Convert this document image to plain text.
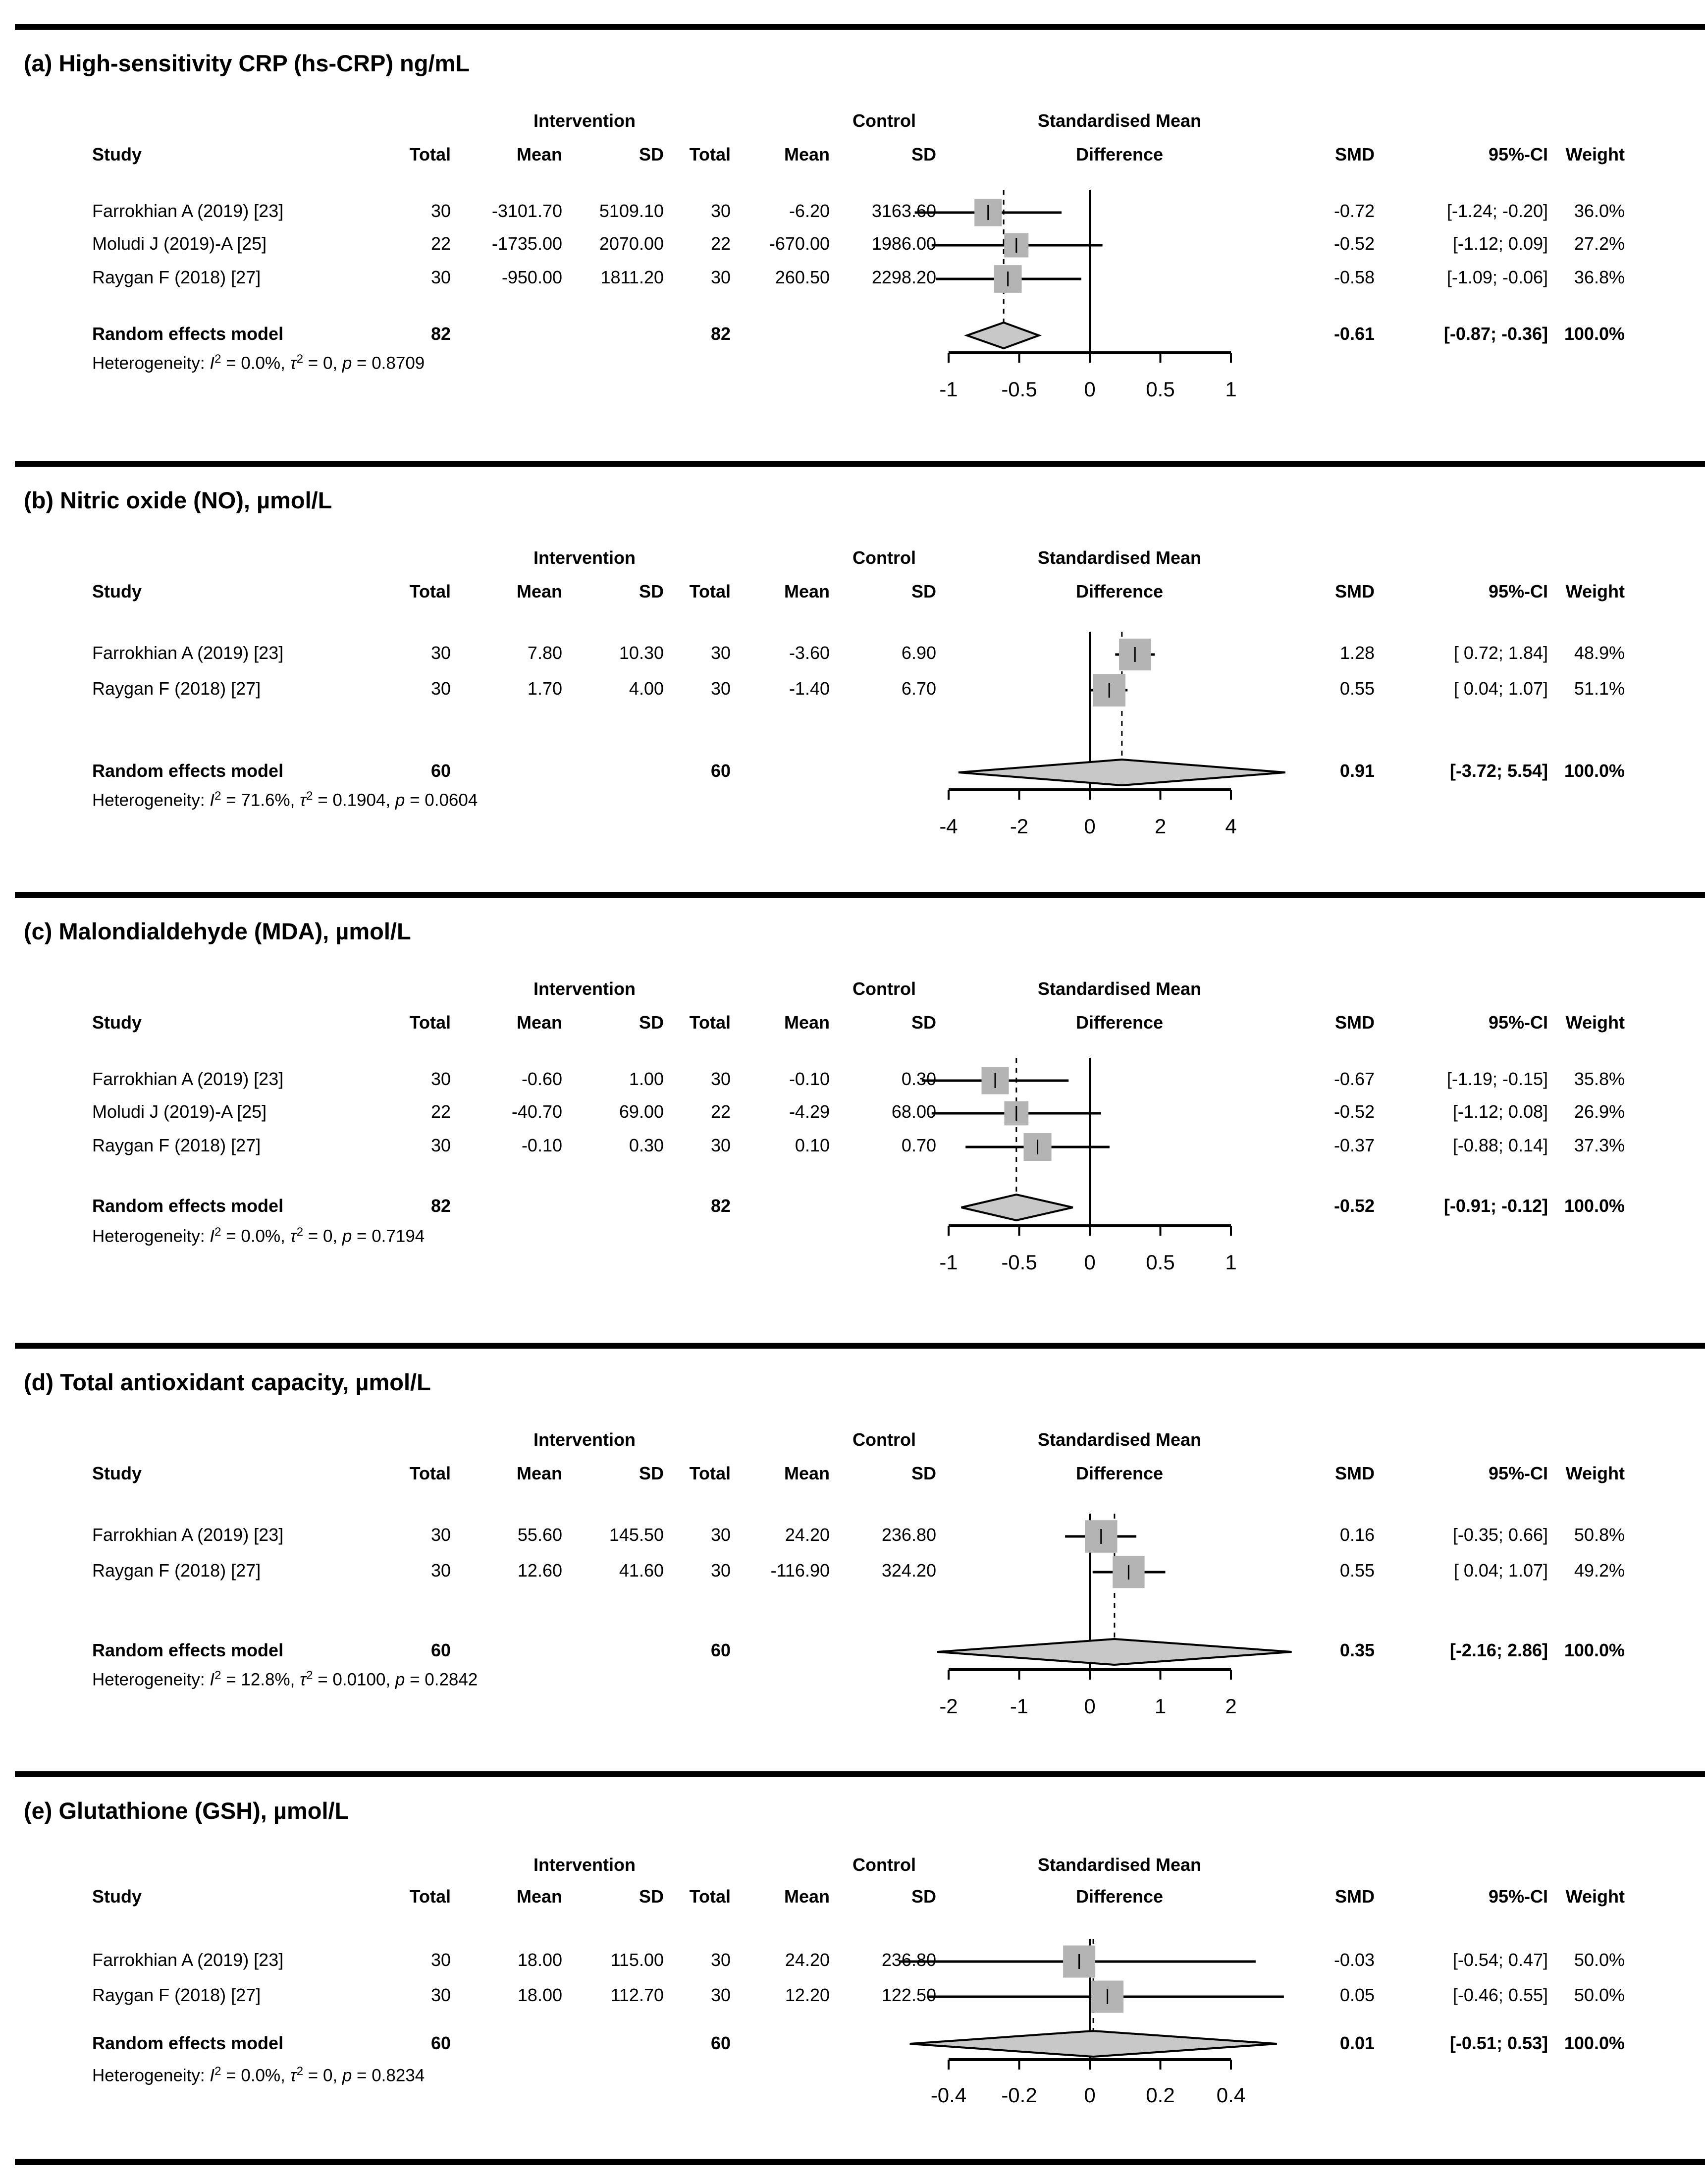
-1 -0.5 0 0.5 1
(a) High-sensitivity CRP (hs-CRP) ng/mL
Intervention	Control	Standardised Mean
Study	Total	Mean	SD	Total	Mean	SD	Difference	SMD	95%-CI Weight
Farrokhian A (2019) [23]	30	-3101.70	5109.10	30	-6.20	3163.60	-0.72	[-1.24; -0.20]	36.0%
Moludi J (2019)-A [25]	22	-1735.00	2070.00	22	-670.00	1986.00	-0.52	[-1.12; 0.09]	27.2%
Raygan F (2018) [27]	30	-950.00	1811.20	30	260.50	2298.20	-0.58	[-1.09; -0.06]	36.8%
Random effects model	82	82	-0.61	[-0.87; -0.36] 100.0%
Heterogeneity: $I^2 = 0.0\%$, $\tau^2 = 0$, p = 0.8709
-4	-2	0	2	4
(b) Nitric oxide (NO), µmol/L
Intervention	Control	Standardised Mean
Study	Total	Mean	SD	Total	Mean	SD	Difference	SMD	95%-CI Weight
Farrokhian A (2019) [23]	30	7.80	10.30	30	-3.60	6.90	1.28	[ 0.72; 1.84]	48.9%
Raygan F (2018) [27]	30	1.70	4.00	30	-1.40	6.70	0.55	[ 0.04; 1.07]	51.1%
Random effects model	60	60	0.91	[-3.72; 5.54] 100.0%
Heterogeneity: $I^2 = 71.6\%$, $\tau^2 = 0.1904$, p = 0.0604
-1 -0.5 0 0.5 1
(c) Malondialdehyde (MDA), µmol/L
Intervention	Control	Standardised Mean
Study	Total	Mean	SD	Total	Mean	SD	Difference	SMD	95%-CI Weight
Farrokhian A (2019) [23]	30	-0.60	1.00	30	-0.10	0.30	-0.67	[-1.19; -0.15]	35.8%
Moludi J (2019)-A [25]	22	-40.70	69.00	22	-4.29	68.00	-0.52	[-1.12; 0.08]	26.9%
Raygan F (2018) [27]	30	-0.10	0.30	30	0.10	0.70	-0.37	[-0.88; 0.14]	37.3%
Random effects model	82	82	-0.52	[-0.91; -0.12] 100.0%
Heterogeneity: $I^2 = 0.0\%$, $\tau^2 = 0$, p = 0.7194
-2	-1	0	1	2
(d) Total antioxidant capacity, µmol/L
Intervention	Control	Standardised Mean
Study	Total	Mean	SD	Total	Mean	SD	Difference	SMD	95%-CI Weight
Farrokhian A (2019) [23]	30	55.60	145.50	30	24.20	236.80	0.16	[-0.35; 0.66]	50.8%
Raygan F (2018) [27]	30	12.60	41.60	30	-116.90	324.20	0.55	[ 0.04; 1.07]	49.2%
Random effects model	60	60	0.35	[-2.16; 2.86] 100.0%
Heterogeneity: $I^2 = 12.8\%$, $\tau^2 = 0.0100$, p = 0.2842
-0.4 -0.2 0 0.2 0.4
(e) Glutathione (GSH), µmol/L
Intervention	Control	Standardised Mean
Study	Total	Mean	SD	Total	Mean	SD	Difference	SMD	95%-CI Weight
Farrokhian A (2019) [23]	30	18.00	115.00	30	24.20	236.80	-0.03	[-0.54; 0.47]	50.0%
Raygan F (2018) [27]	30	18.00	112.70	30	12.20	122.50	0.05	[-0.46; 0.55]	50.0%
Random effects model	60	60	0.01	[-0.51; 0.53] 100.0%
Heterogeneity: $I^2 = 0.0\%$, $\tau^2 = 0$, p = 0.8234
